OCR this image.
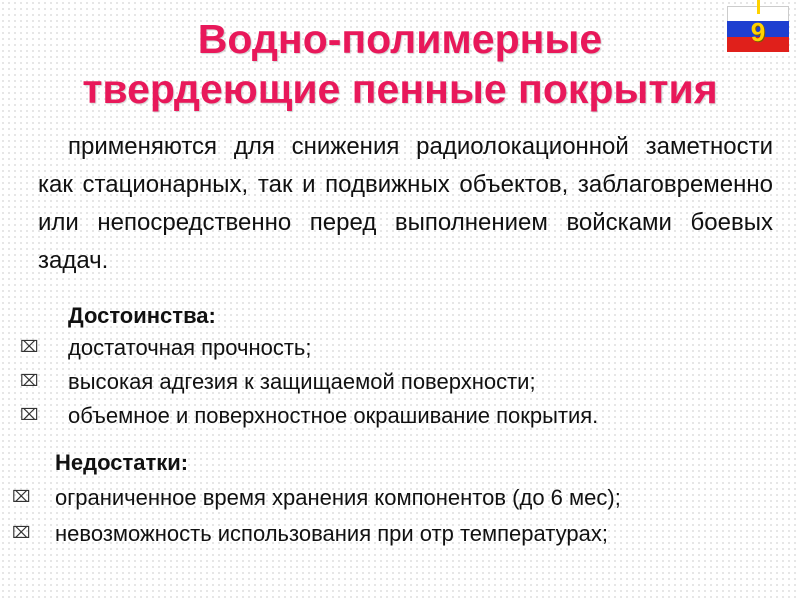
Водно-полимерные
твердеющие пенные покрытия
9
применяются для снижения радиолокационной заметности как стационарных, так и подвижных объектов, заблаговременно или непосредственно перед выполнением войсками боевых задач.
Достоинства:
⌧ достаточная прочность;
⌧ высокая адгезия к защищаемой поверхности;
⌧ объемное и поверхностное окрашивание покрытия.
Недостатки:
⌧ ограниченное время хранения компонентов (до 6 мес);
⌧ невозможность использования при отр температурах;
